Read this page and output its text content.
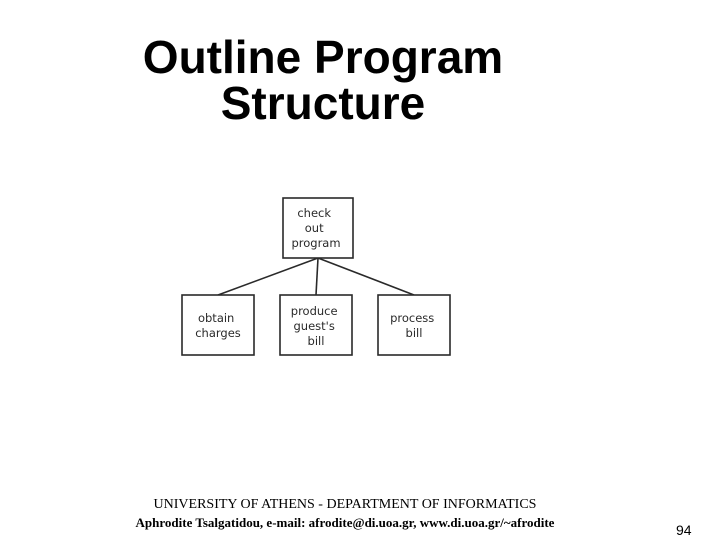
Outline Program
Structure
check out program
obtain charges
produce guest's bill
process bill
UNIVERSITY OF ATHENS - DEPARTMENT OF INFORMATICS
Aphrodite Tsalgatidou, e-mail: afrodite@di.uoa.gr, www.di.uoa.gr/~afrodite	94
